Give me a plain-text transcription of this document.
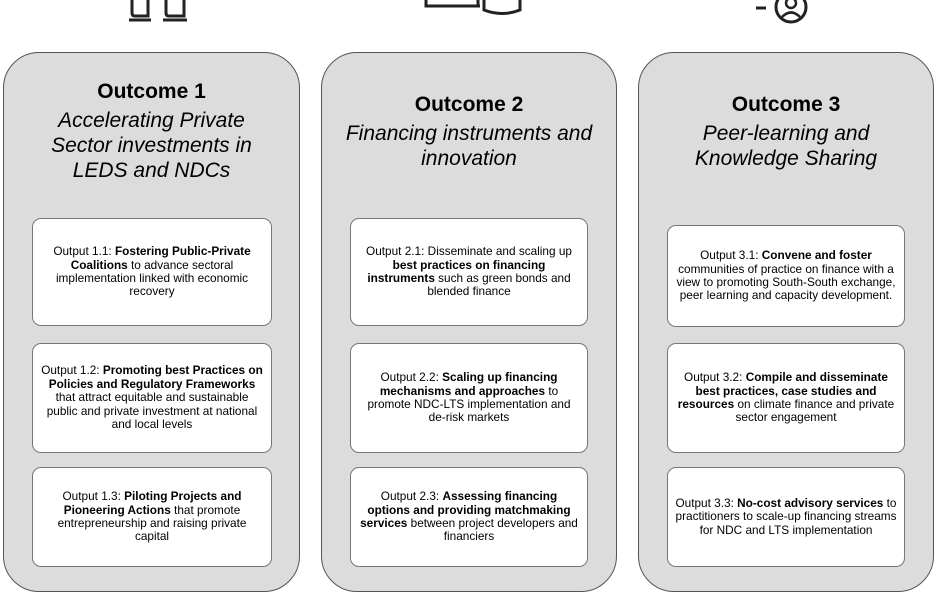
Outcome 1
Accelerating Private Sector investments in LEDS and NDCs

Output 1.1: Fostering Public-Private Coalitions to advance sectoral implementation linked with economic recovery

Output 1.2: Promoting best Practices on Policies and Regulatory Frameworks that attract equitable and sustainable public and private investment at national and local levels

Output 1.3: Piloting Projects and Pioneering Actions that promote entrepreneurship and raising private capital

Outcome 2
Financing instruments and innovation

Output 2.1: Disseminate and scaling up best practices on financing instruments such as green bonds and blended finance

Output 2.2: Scaling up financing mechanisms and approaches to promote NDC-LTS implementation and de-risk markets

Output 2.3: Assessing financing options and providing matchmaking services between project developers and financiers

Outcome 3
Peer-learning and Knowledge Sharing

Output 3.1: Convene and foster communities of practice on finance with a view to promoting South-South exchange, peer learning and capacity development.

Output 3.2: Compile and disseminate best practices, case studies and resources on climate finance and private sector engagement

Output 3.3: No-cost advisory services to practitioners to scale-up financing streams for NDC and LTS implementation
